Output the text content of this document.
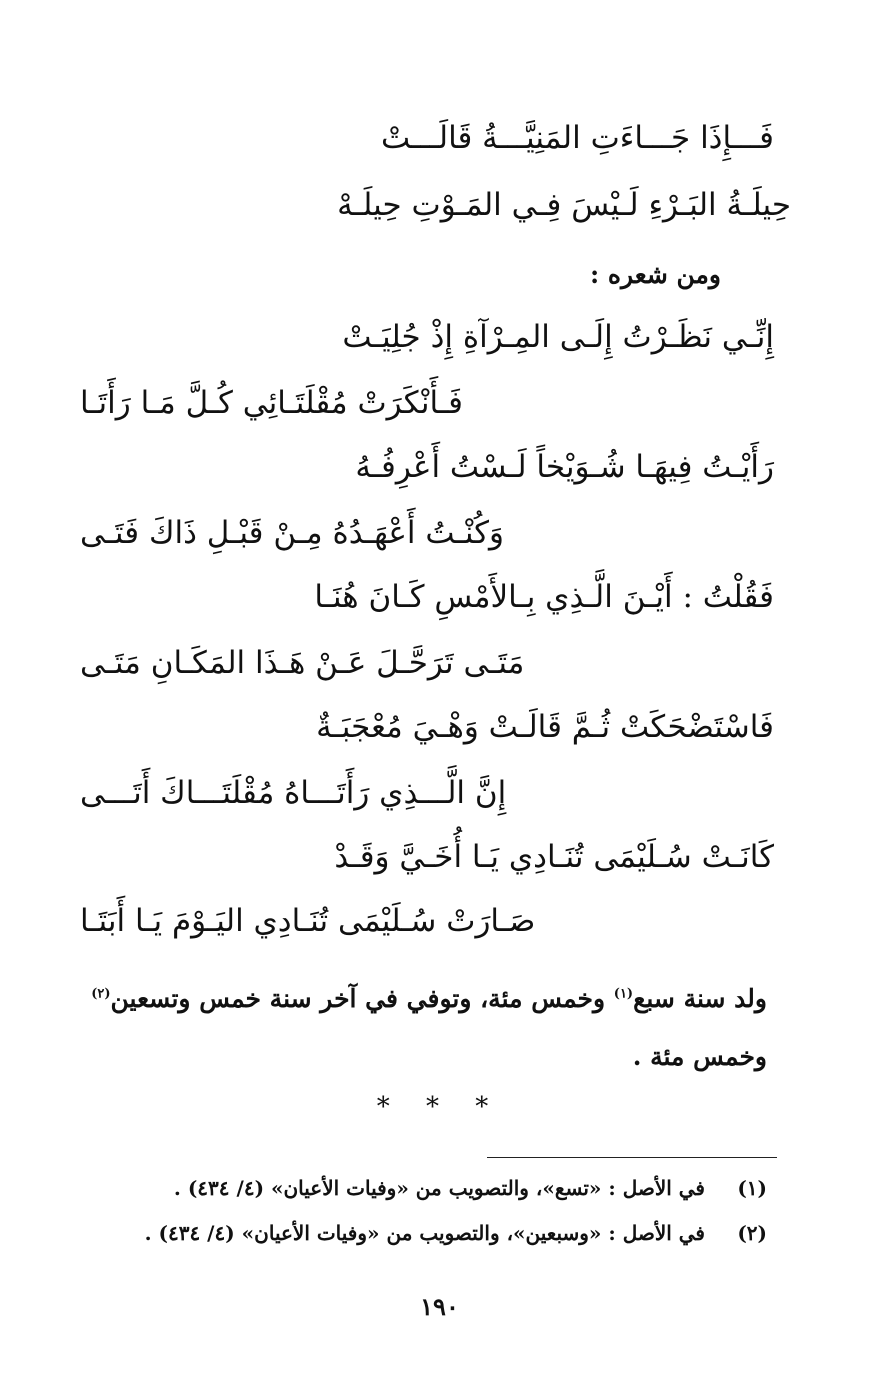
فَـــإِذَا جَـــاءَتِ المَنِيَّـــةُ قَالَـــتْ
حِيلَـةُ البَـرْءِ لَـيْسَ فِـي المَـوْتِ حِيلَـهْ
ومن شعره :
إِنِّـي نَظَـرْتُ إِلَـى المِـرْآةِ إِذْ جُلِيَـتْ
فَـأَنْكَرَتْ مُقْلَتَـائِي كُـلَّ مَـا رَأَتَـا
رَأَيْـتُ فِيهَـا شُـوَيْخاً لَـسْتُ أَعْرِفُـهُ
وَكُنْـتُ أَعْهَـدُهُ مِـنْ قَبْـلِ ذَاكَ فَتَـى
فَقُلْتُ : أَيْـنَ الَّـذِي بِـالأَمْسِ كَـانَ هُنَـا
مَتَـى تَرَحَّـلَ عَـنْ هَـذَا المَكَـانِ مَتَـى
فَاسْتَضْحَكَتْ ثُـمَّ قَالَـتْ وَهْـيَ مُعْجَبَـةٌ
إِنَّ الَّـــذِي رَأَتَـــاهُ مُقْلَتَـــاكَ أَتَـــى
كَانَـتْ سُـلَيْمَى تُنَـادِي يَـا أُخَـيَّ وَقَـدْ
صَـارَتْ سُـلَيْمَى تُنَـادِي اليَـوْمَ يَـا أَبَتَـا
ولد سنة سبع$^{(١)}$ وخمس مئة، وتوفي في آخر سنة خمس وتسعين$^{(٢)}$
وخمس مئة .
* * *
(١)في الأصل : «تسع»، والتصويب من «وفيات الأعيان» (٤/ ٤٣٤) .
(٢)في الأصل : «وسبعين»، والتصويب من «وفيات الأعيان» (٤/ ٤٣٤) .
١٩٠
